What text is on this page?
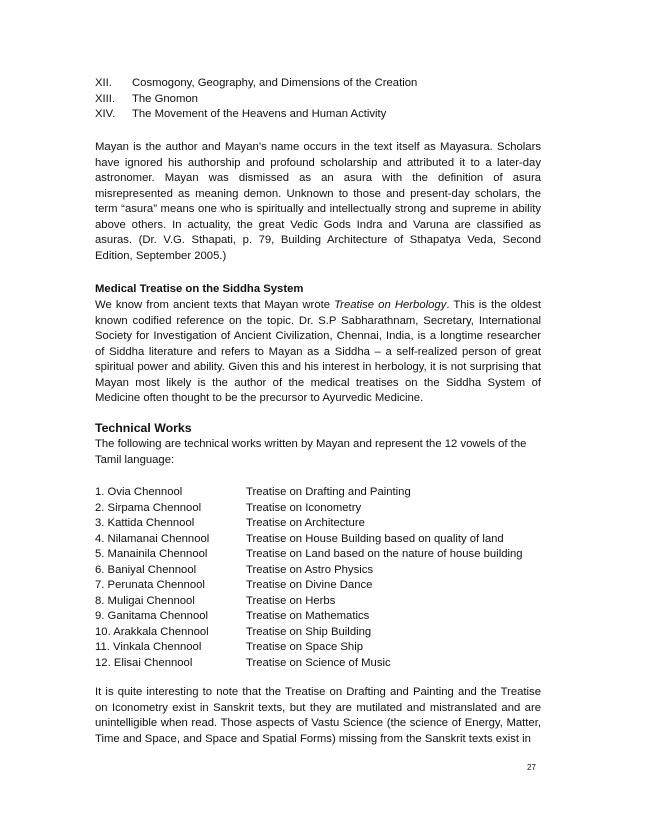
XII.	Cosmogony, Geography, and Dimensions of the Creation
XIII.	The Gnomon
XIV.	The Movement of the Heavens and Human Activity

Mayan is the author and Mayan’s name occurs in the text itself as Mayasura. Scholars have ignored his authorship and profound scholarship and attributed it to a later-day astronomer. Mayan was dismissed as an asura with the definition of asura misrepresented as meaning demon. Unknown to those and present-day scholars, the term “asura” means one who is spiritually and intellectually strong and supreme in ability above others. In actuality, the great Vedic Gods Indra and Varuna are classified as asuras. (Dr. V.G. Sthapati, p. 79, Building Architecture of Sthapatya Veda, Second Edition, September 2005.)

Medical Treatise on the Siddha System

We know from ancient texts that Mayan wrote Treatise on Herbology. This is the oldest known codified reference on the topic. Dr. S.P Sabharathnam, Secretary, International Society for Investigation of Ancient Civilization, Chennai, India, is a longtime researcher of Siddha literature and refers to Mayan as a Siddha – a self-realized person of great spiritual power and ability. Given this and his interest in herbology, it is not surprising that Mayan most likely is the author of the medical treatises on the Siddha System of Medicine often thought to be the precursor to Ayurvedic Medicine.

Technical Works

The following are technical works written by Mayan and represent the 12 vowels of the Tamil language:

1. Ovia Chennool	Treatise on Drafting and Painting
2. Sirpama Chennool	Treatise on Iconometry
3. Kattida Chennool	Treatise on Architecture
4. Nilamanai Chennool	Treatise on House Building based on quality of land
5. Manainila Chennool	Treatise on Land based on the nature of house building
6. Baniyal Chennool	Treatise on Astro Physics
7. Perunata Chennool	Treatise on Divine Dance
8. Muligai Chennool	Treatise on Herbs
9. Ganitama Chennool	Treatise on Mathematics
10. Arakkala Chennool	Treatise on Ship Building
11. Vinkala Chennool	Treatise on Space Ship
12. Elisai Chennool	Treatise on Science of Music

It is quite interesting to note that the Treatise on Drafting and Painting and the Treatise on Iconometry exist in Sanskrit texts, but they are mutilated and mistranslated and are unintelligible when read. Those aspects of Vastu Science (the science of Energy, Matter, Time and Space, and Space and Spatial Forms) missing from the Sanskrit texts exist in

27
